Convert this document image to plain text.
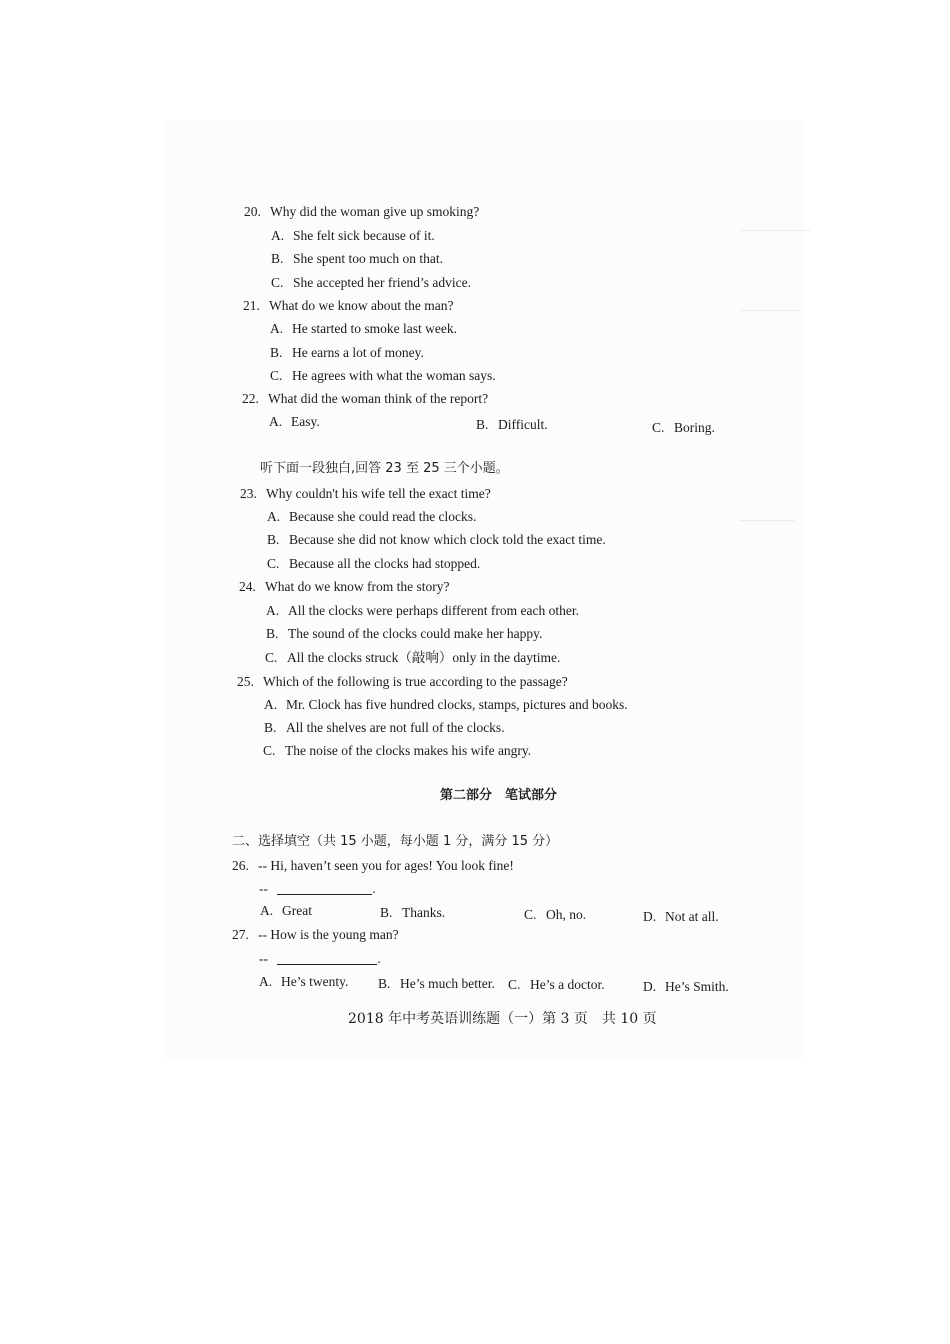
20. Why did the woman give up smoking?
A. She felt sick because of it.
B. She spent too much on that.
C. She accepted her friend’s advice.
21. What do we know about the man?
A. He started to smoke last week.
B. He earns a lot of money.
C. He agrees with what the woman says.
22. What did the woman think of the report?
A. Easy.	B. Difficult.	C. Boring.
听下面一段独白,回答 23 至 25 三个小题。
23. Why couldn't his wife tell the exact time?
A. Because she could read the clocks.
B. Because she did not know which clock told the exact time.
C. Because all the clocks had stopped.
24. What do we know from the story?
A. All the clocks were perhaps different from each other.
B. The sound of the clocks could make her happy.
C. All the clocks struck（敲响）only in the daytime.
25. Which of the following is true according to the passage?
A. Mr. Clock has five hundred clocks, stamps, pictures and books.
B. All the shelves are not full of the clocks.
C. The noise of the clocks makes his wife angry.
第二部分　笔试部分
二、选择填空（共 15 小题，每小题 1 分，满分 15 分）
26. -- Hi, haven’t seen you for ages! You look fine!
--	.
A. Great	B. Thanks.	C. Oh, no.	D. Not at all.
27. -- How is the young man?
--	.
A. He’s twenty. B. He’s much better. C. He’s a doctor.	D. He’s Smith.
2018 年中考英语训练题（一）第 3 页　共 10 页
